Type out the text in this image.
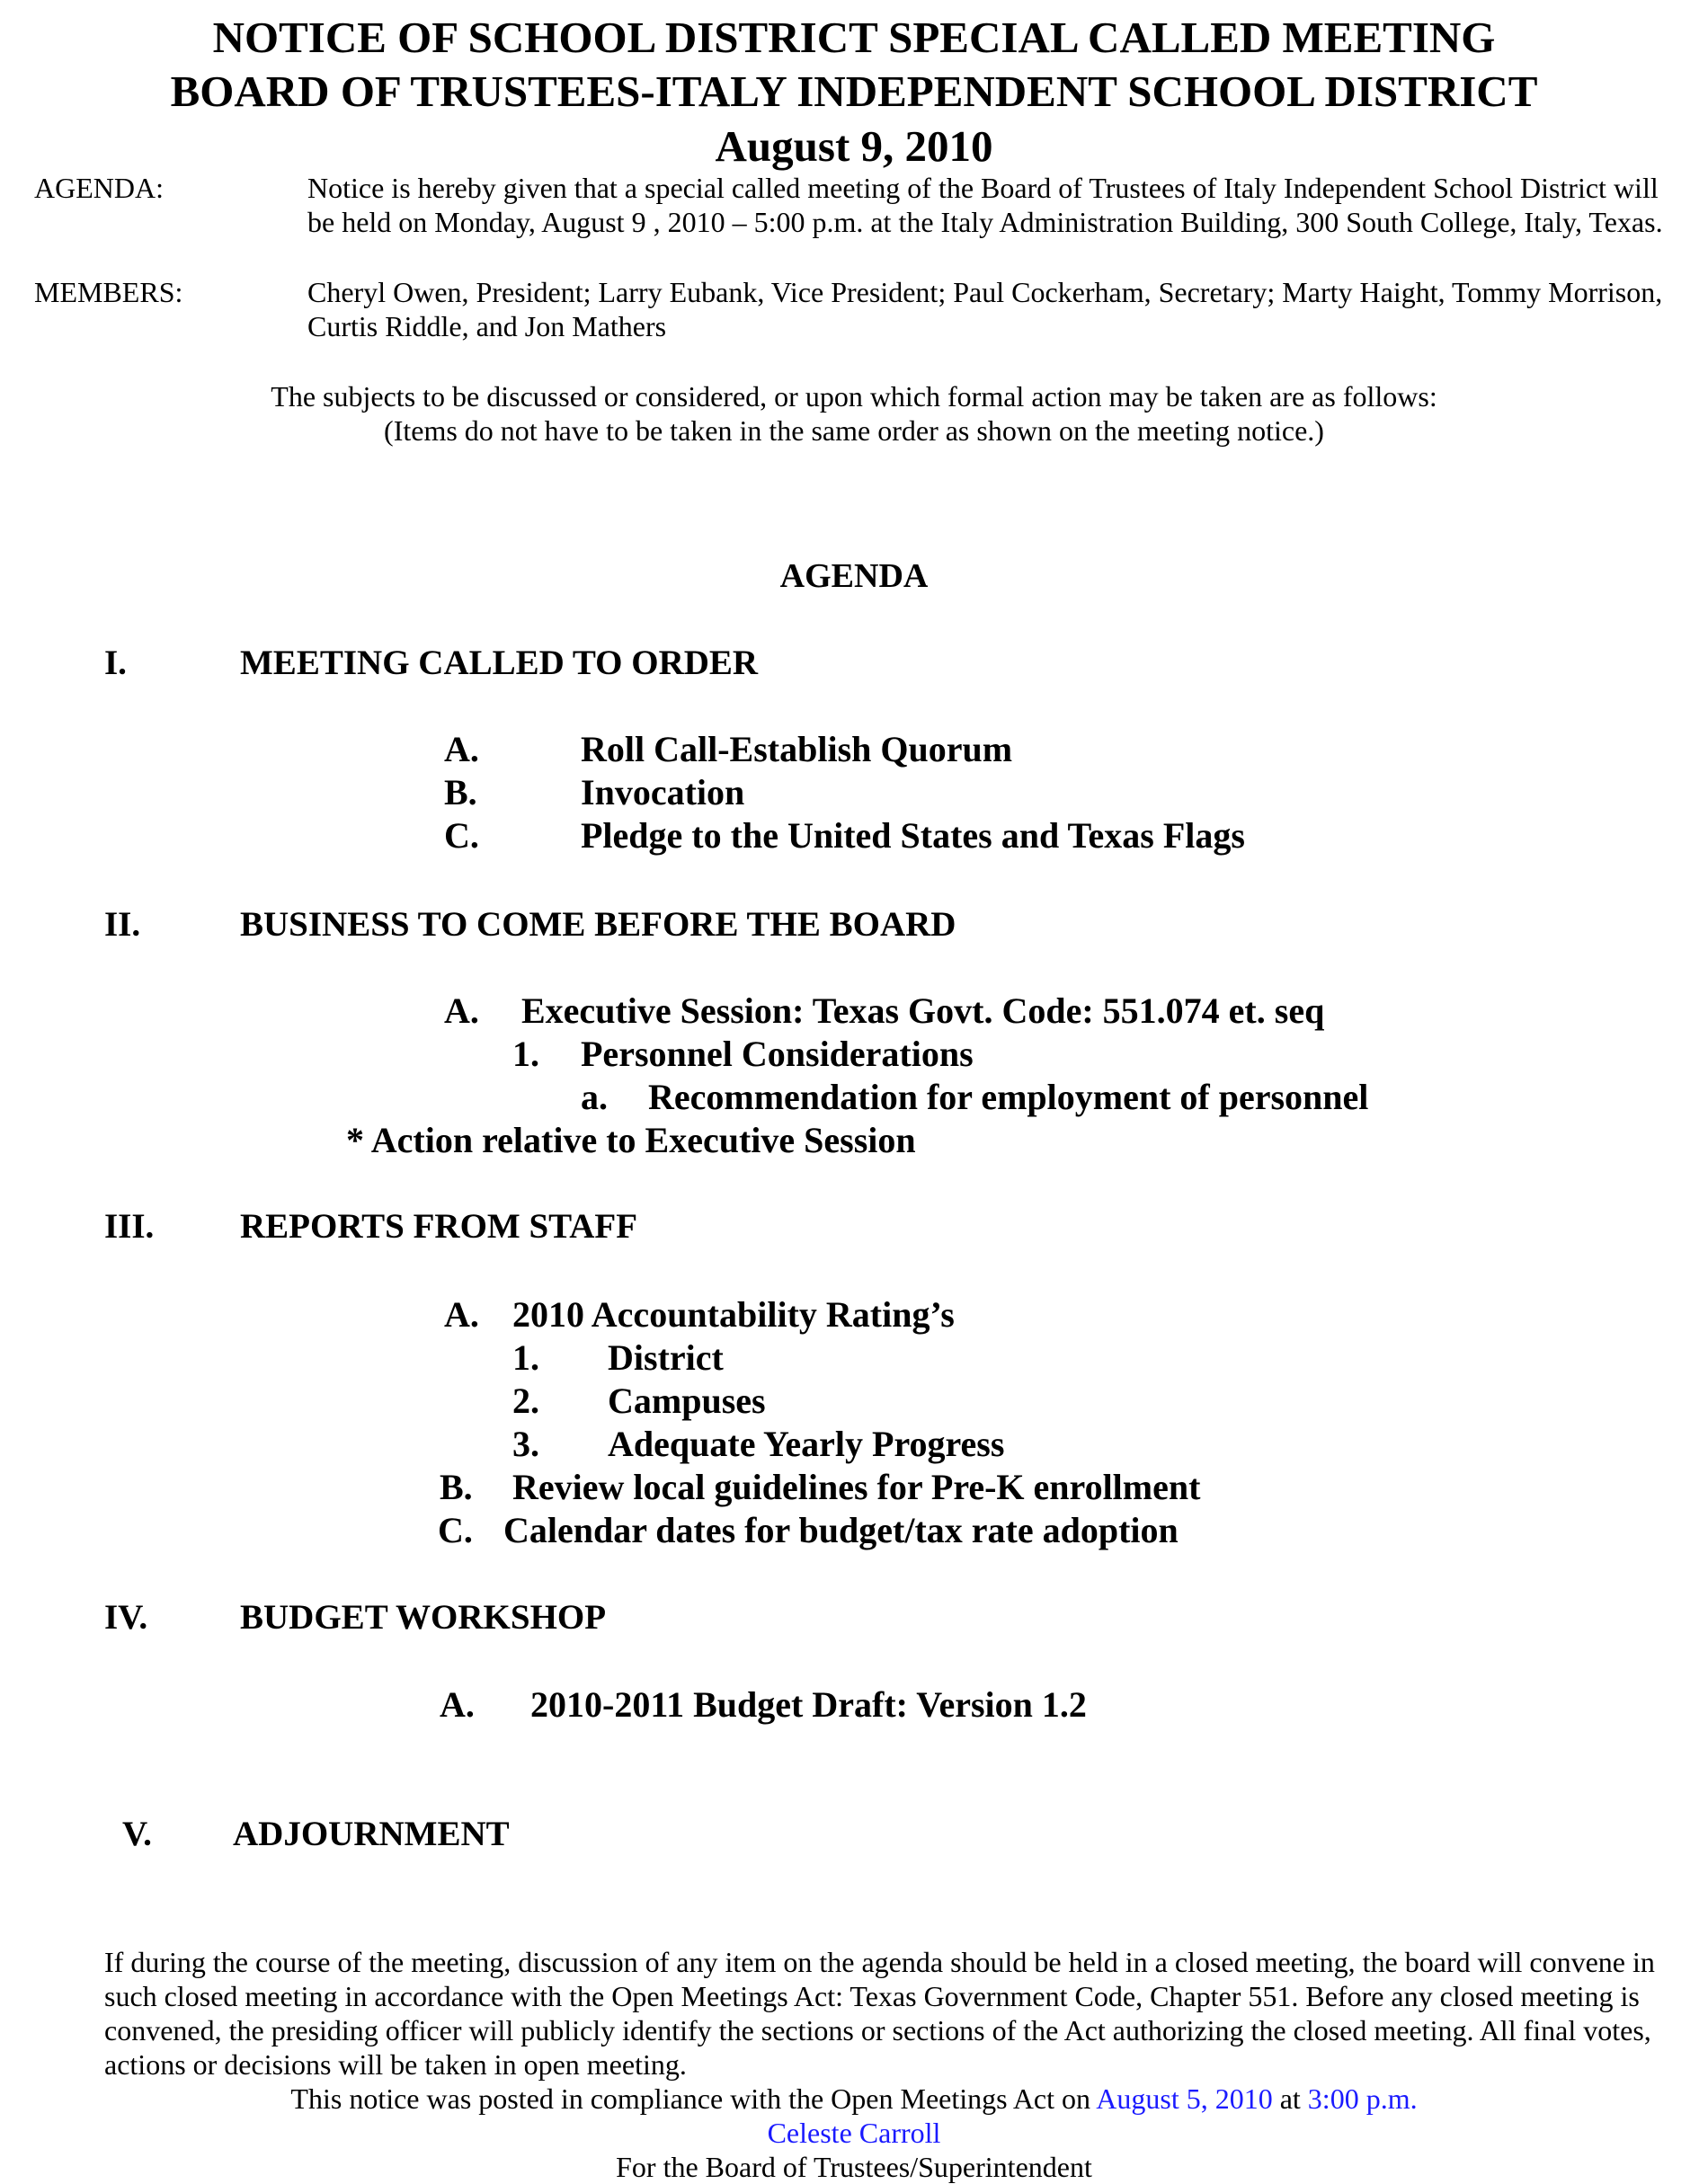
NOTICE OF SCHOOL DISTRICT SPECIAL CALLED MEETING
BOARD OF TRUSTEES-ITALY INDEPENDENT SCHOOL DISTRICT
August 9, 2010
AGENDA:	Notice is hereby given that a special called meeting of the Board of Trustees of Italy Independent School District will be held on Monday, August 9 , 2010 – 5:00 p.m. at the Italy Administration Building, 300 South College, Italy, Texas.
MEMBERS:	Cheryl Owen, President; Larry Eubank, Vice President; Paul Cockerham, Secretary; Marty Haight, Tommy Morrison, Curtis Riddle, and Jon Mathers
The subjects to be discussed or considered, or upon which formal action may be taken are as follows:
(Items do not have to be taken in the same order as shown on the meeting notice.)
AGENDA
I.	MEETING CALLED TO ORDER
A.	Roll Call-Establish Quorum
B.	Invocation
C.	Pledge to the United States and Texas Flags
II.	BUSINESS TO COME BEFORE THE BOARD
A. Executive Session: Texas Govt. Code: 551.074 et. seq
1. Personnel Considerations
a. Recommendation for employment of personnel
* Action relative to Executive Session
III. REPORTS FROM STAFF
A. 2010 Accountability Rating’s
1. District
2. Campuses
3. Adequate Yearly Progress
B. Review local guidelines for Pre-K enrollment
C. Calendar dates for budget/tax rate adoption
IV.	BUDGET WORKSHOP
A. 2010-2011 Budget Draft: Version 1.2
V. ADJOURNMENT
If during the course of the meeting, discussion of any item on the agenda should be held in a closed meeting, the board will convene in such closed meeting in accordance with the Open Meetings Act: Texas Government Code, Chapter 551. Before any closed meeting is convened, the presiding officer will publicly identify the sections or sections of the Act authorizing the closed meeting. All final votes, actions or decisions will be taken in open meeting.
This notice was posted in compliance with the Open Meetings Act on August 5, 2010 at 3:00 p.m.
Celeste Carroll
For the Board of Trustees/Superintendent
